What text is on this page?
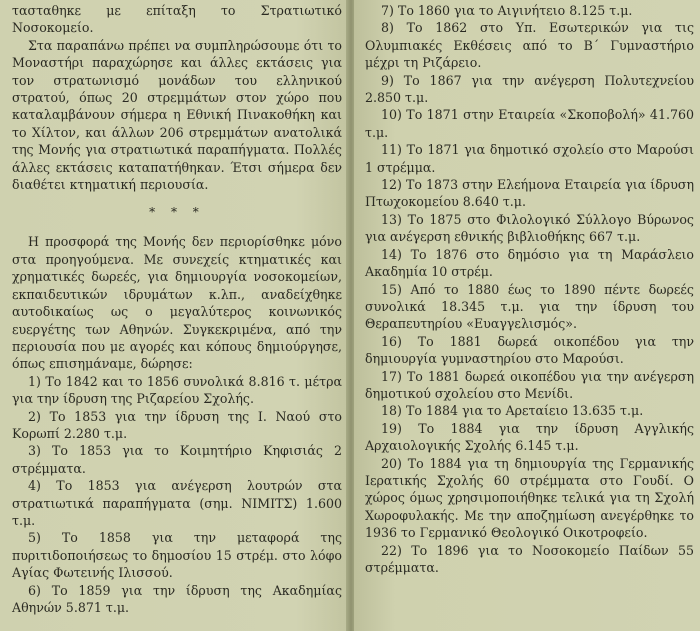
τασταθηκε με επίταξη το Στρατιωτικό Νοσοκομείο.

Στα παραπάνω πρέπει να συμπληρώσουμε ότι το Μοναστήρι παραχώρησε και άλλες εκτάσεις για τον στρατωνισμό μονάδων του ελληνικού στρατού, όπως 20 στρεμμάτων στον χώρο που καταλαμβάνουν σήμερα η Εθνική Πινακοθήκη και το Χίλτον, και άλλων 206 στρεμμάτων ανατολικά της Μονής για στρατιωτικά παραπήγματα. Πολλές άλλες εκτάσεις καταπατήθηκαν. Έτσι σήμερα δεν διαθέτει κτηματική περιουσία.

* * *

Η προσφορά της Μονής δεν περιορίσθηκε μόνο στα προηγούμενα. Με συνεχείς κτηματικές και χρηματικές δωρεές, για δημιουργία νοσοκομείων, εκπαιδευτικών ιδρυμάτων κ.λπ., αναδείχθηκε αυτοδικαίως ως ο μεγαλύτερος κοινωνικός ευεργέτης των Αθηνών. Συγκεκριμένα, από την περιουσία που με αγορές και κόπους δημιούργησε, όπως επισημάναμε, δώρησε:

1) Το 1842 και το 1856 συνολικά 8.816 τ. μέτρα για την ίδρυση της Ριζαρείου Σχολής.

2) Το 1853 για την ίδρυση της Ι. Ναού στο Κορωπί 2.280 τ.μ.

3) Το 1853 για το Κοιμητήριο Κηφισιάς 2 στρέμματα.

4) Το 1853 για ανέγερση λουτρών στα στρατιωτικά παραπήγματα (σημ. ΝΙΜΙΤΣ) 1.600 τ.μ.

5) Το 1858 για την μεταφορά της πυριτιδοποιήσεως το δημοσίου 15 στρέμ. στο λόφο Αγίας Φωτεινής Ιλισσού.

6) Το 1859 για την ίδρυση της Ακαδημίας Αθηνών 5.871 τ.μ.

7) Το 1860 για το Αιγινήτειο 8.125 τ.μ.

8) Το 1862 στο Υπ. Εσωτερικών για τις Ολυμπιακές Εκθέσεις από το Β΄ Γυμναστήριο μέχρι τη Ριζάρειο.

9) Το 1867 για την ανέγερση Πολυτεχνείου 2.850 τ.μ.

10) Το 1871 στην Εταιρεία «Σκοποβολή» 41.760 τ.μ.

11) Το 1871 για δημοτικό σχολείο στο Μαρούσι 1 στρέμμα.

12) Το 1873 στην Ελεήμονα Εταιρεία για ίδρυση Πτωχοκομείου 8.640 τ.μ.

13) Το 1875 στο Φιλολογικό Σύλλογο Βύρωνος για ανέγερση εθνικής βιβλιοθήκης 667 τ.μ.

14) Το 1876 στο δημόσιο για τη Μαράσλειο Ακαδημία 10 στρέμ.

15) Από το 1880 έως το 1890 πέντε δωρεές συνολικά 18.345 τ.μ. για την ίδρυση του Θεραπευτηρίου «Ευαγγελισμός».

16) Το 1881 δωρεά οικοπέδου για την δημιουργία γυμναστηρίου στο Μαρούσι.

17) Το 1881 δωρεά οικοπέδου για την ανέγερση δημοτικού σχολείου στο Μενίδι.

18) Το 1884 για το Αρεταίειο 13.635 τ.μ.

19) Το 1884 για την ίδρυση Αγγλικής Αρχαιολογικής Σχολής 6.145 τ.μ.

20) Το 1884 για τη δημιουργία της Γερμανικής Ιερατικής Σχολής 60 στρέμματα στο Γουδί. Ο χώρος όμως χρησιμοποιήθηκε τελικά για τη Σχολή Χωροφυλακής. Με την αποζημίωση ανεγέρθηκε το 1936 το Γερμανικό Θεολογικό Οικοτροφείο.

22) Το 1896 για το Νοσοκομείο Παίδων 55 στρέμματα.
